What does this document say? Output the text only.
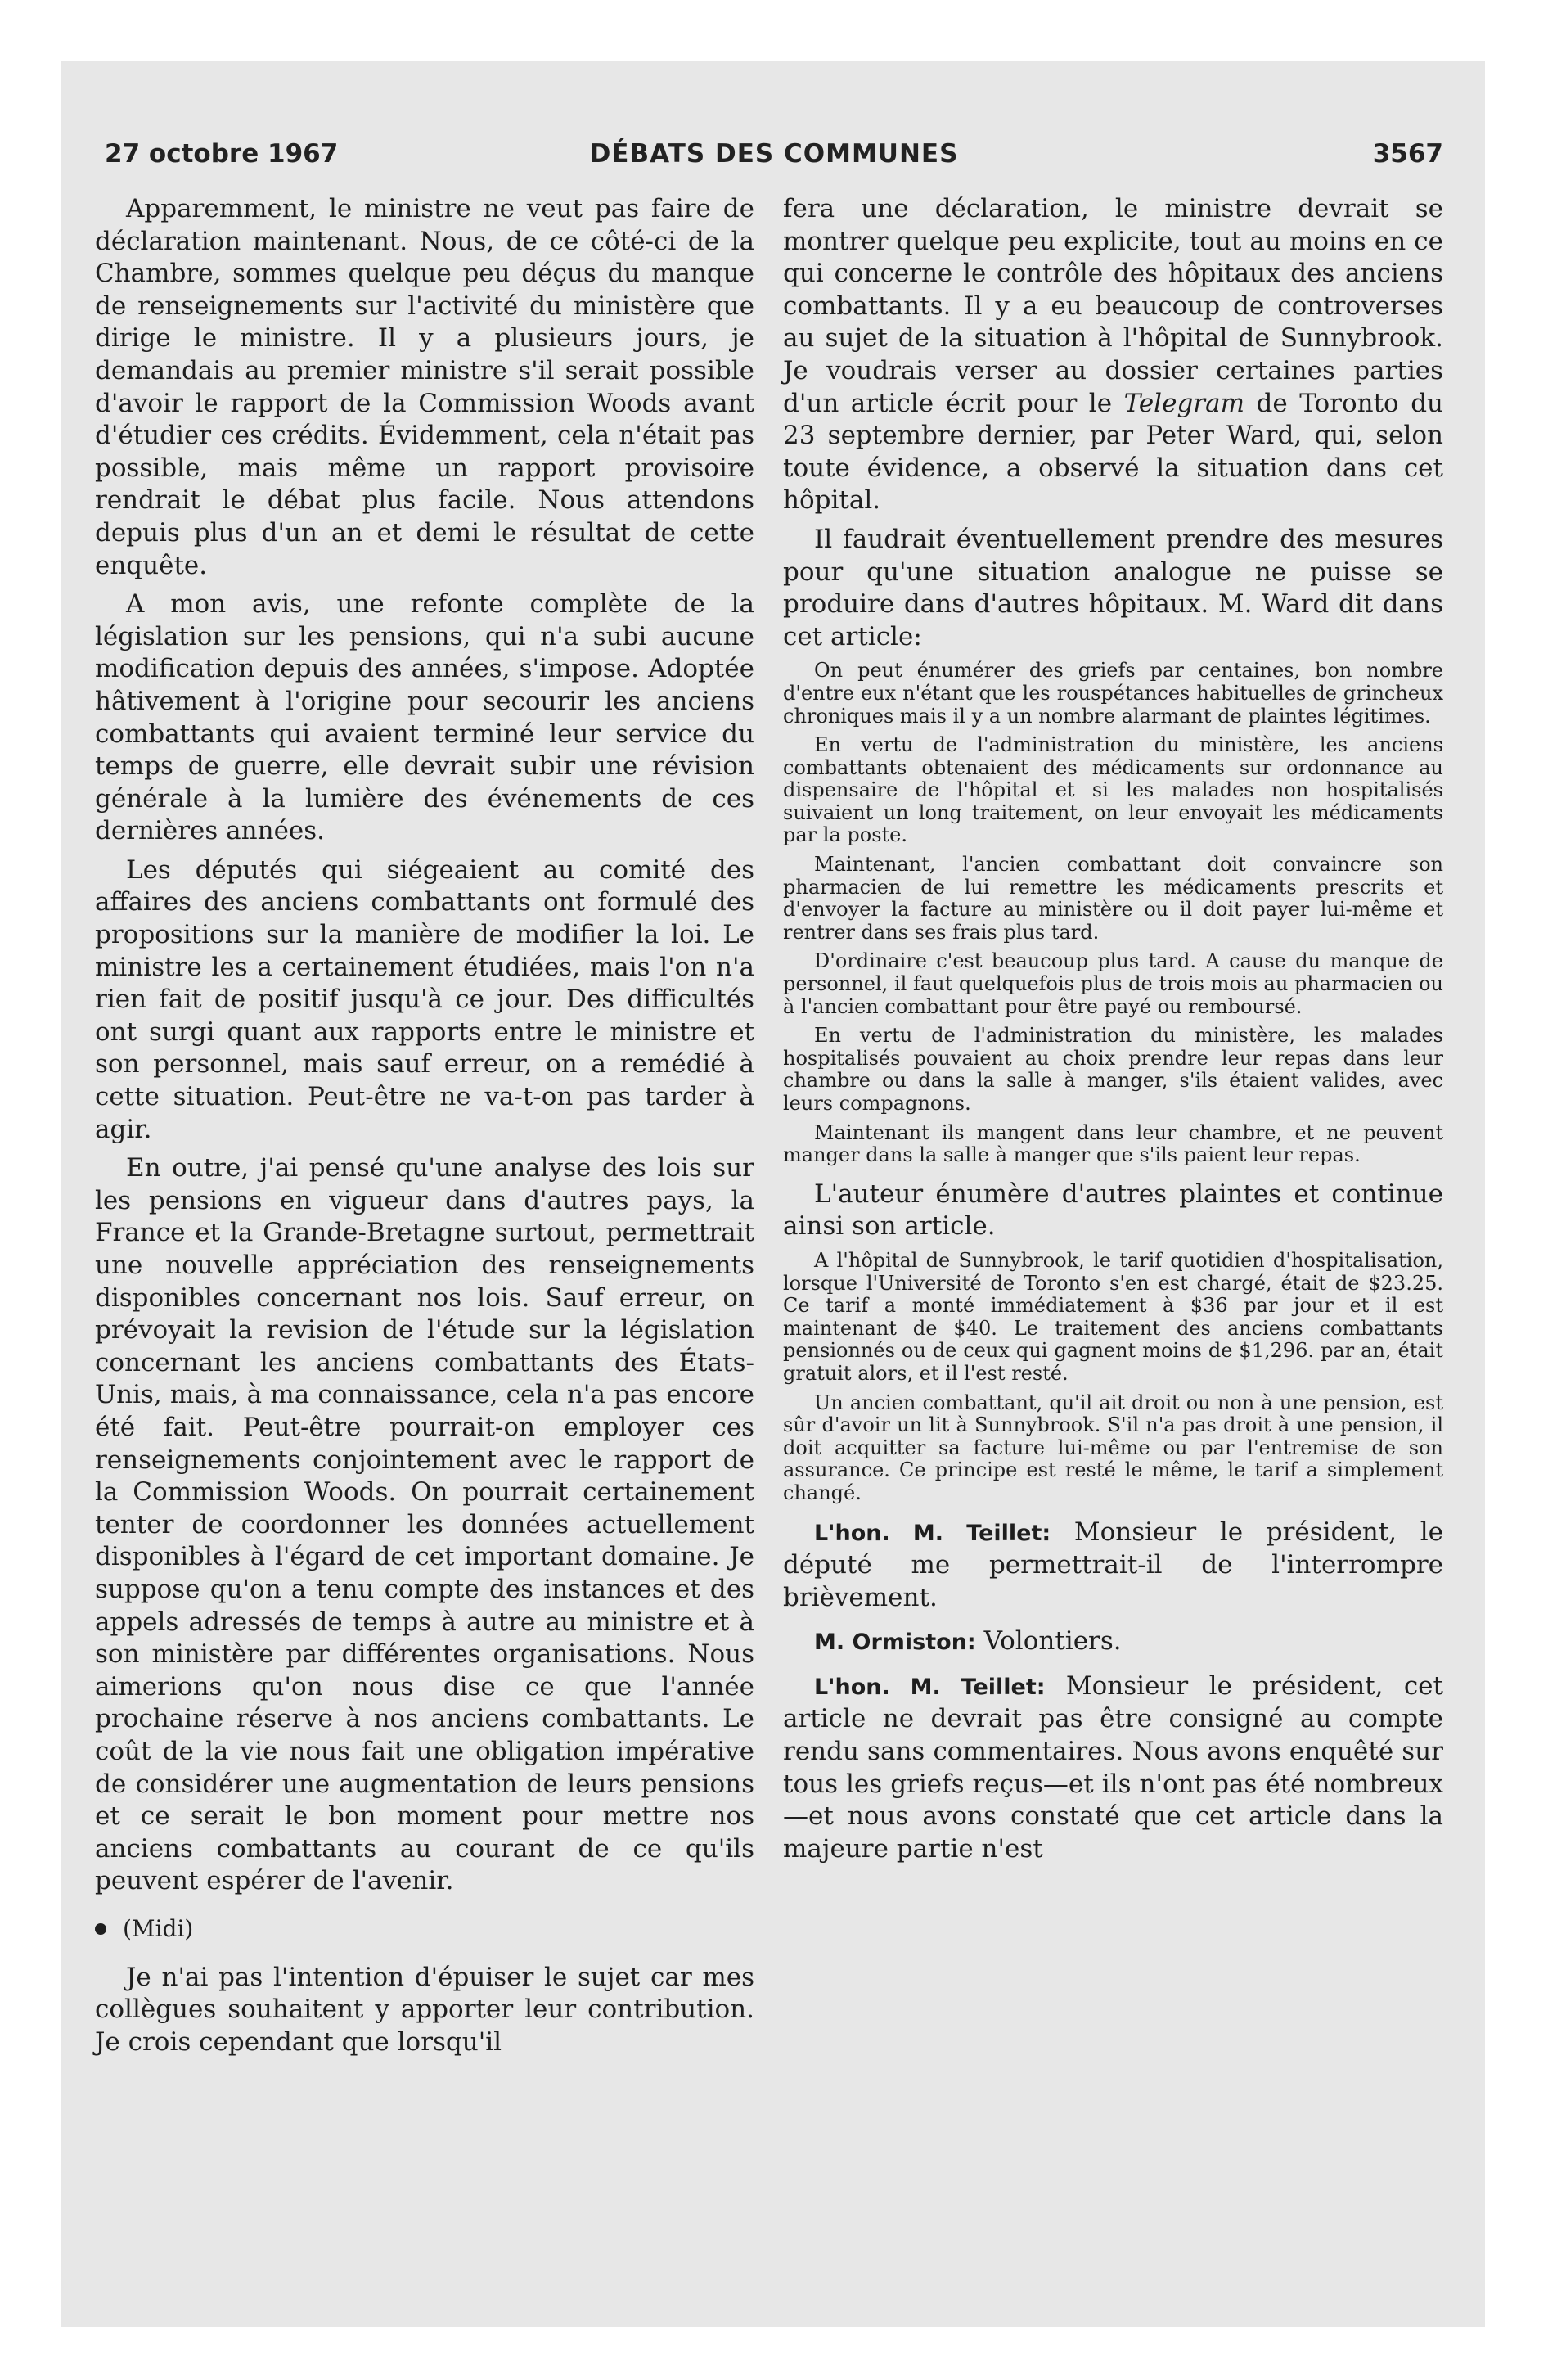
27 octobre 1967	DÉBATS DES COMMUNES	3567

Apparemment, le ministre ne veut pas faire de déclaration maintenant. Nous, de ce côté-ci de la Chambre, sommes quelque peu déçus du manque de renseignements sur l'activité du ministère que dirige le ministre. Il y a plusieurs jours, je demandais au premier ministre s'il serait possible d'avoir le rapport de la Commission Woods avant d'étudier ces crédits. Évidemment, cela n'était pas possible, mais même un rapport provisoire rendrait le débat plus facile. Nous attendons depuis plus d'un an et demi le résultat de cette enquête.

A mon avis, une refonte complète de la législation sur les pensions, qui n'a subi aucune modification depuis des années, s'impose. Adoptée hâtivement à l'origine pour secourir les anciens combattants qui avaient terminé leur service du temps de guerre, elle devrait subir une révision générale à la lumière des événements de ces dernières années.

Les députés qui siégeaient au comité des affaires des anciens combattants ont formulé des propositions sur la manière de modifier la loi. Le ministre les a certainement étudiées, mais l'on n'a rien fait de positif jusqu'à ce jour. Des difficultés ont surgi quant aux rapports entre le ministre et son personnel, mais sauf erreur, on a remédié à cette situation. Peut-être ne va-t-on pas tarder à agir.

En outre, j'ai pensé qu'une analyse des lois sur les pensions en vigueur dans d'autres pays, la France et la Grande-Bretagne surtout, permettrait une nouvelle appréciation des renseignements disponibles concernant nos lois. Sauf erreur, on prévoyait la revision de l'étude sur la législation concernant les anciens combattants des États-Unis, mais, à ma connaissance, cela n'a pas encore été fait. Peut-être pourrait-on employer ces renseignements conjointement avec le rapport de la Commission Woods. On pourrait certainement tenter de coordonner les données actuellement disponibles à l'égard de cet important domaine. Je suppose qu'on a tenu compte des instances et des appels adressés de temps à autre au ministre et à son ministère par différentes organisations. Nous aimerions qu'on nous dise ce que l'année prochaine réserve à nos anciens combattants. Le coût de la vie nous fait une obligation impérative de considérer une augmentation de leurs pensions et ce serait le bon moment pour mettre nos anciens combattants au courant de ce qu'ils peuvent espérer de l'avenir.

(Midi)

Je n'ai pas l'intention d'épuiser le sujet car mes collègues souhaitent y apporter leur contribution. Je crois cependant que lorsqu'il

fera une déclaration, le ministre devrait se montrer quelque peu explicite, tout au moins en ce qui concerne le contrôle des hôpitaux des anciens combattants. Il y a eu beaucoup de controverses au sujet de la situation à l'hôpital de Sunnybrook. Je voudrais verser au dossier certaines parties d'un article écrit pour le Telegram de Toronto du 23 septembre dernier, par Peter Ward, qui, selon toute évidence, a observé la situation dans cet hôpital.

Il faudrait éventuellement prendre des mesures pour qu'une situation analogue ne puisse se produire dans d'autres hôpitaux. M. Ward dit dans cet article:

On peut énumérer des griefs par centaines, bon nombre d'entre eux n'étant que les rouspétances habituelles de grincheux chroniques mais il y a un nombre alarmant de plaintes légitimes.

En vertu de l'administration du ministère, les anciens combattants obtenaient des médicaments sur ordonnance au dispensaire de l'hôpital et si les malades non hospitalisés suivaient un long traitement, on leur envoyait les médicaments par la poste.

Maintenant, l'ancien combattant doit convaincre son pharmacien de lui remettre les médicaments prescrits et d'envoyer la facture au ministère ou il doit payer lui-même et rentrer dans ses frais plus tard.

D'ordinaire c'est beaucoup plus tard. A cause du manque de personnel, il faut quelquefois plus de trois mois au pharmacien ou à l'ancien combattant pour être payé ou remboursé.

En vertu de l'administration du ministère, les malades hospitalisés pouvaient au choix prendre leur repas dans leur chambre ou dans la salle à manger, s'ils étaient valides, avec leurs compagnons.

Maintenant ils mangent dans leur chambre, et ne peuvent manger dans la salle à manger que s'ils paient leur repas.

L'auteur énumère d'autres plaintes et continue ainsi son article.

A l'hôpital de Sunnybrook, le tarif quotidien d'hospitalisation, lorsque l'Université de Toronto s'en est chargé, était de $23.25. Ce tarif a monté immédiatement à $36 par jour et il est maintenant de $40. Le traitement des anciens combattants pensionnés ou de ceux qui gagnent moins de $1,296. par an, était gratuit alors, et il l'est resté.

Un ancien combattant, qu'il ait droit ou non à une pension, est sûr d'avoir un lit à Sunnybrook. S'il n'a pas droit à une pension, il doit acquitter sa facture lui-même ou par l'entremise de son assurance. Ce principe est resté le même, le tarif a simplement changé.

L'hon. M. Teillet: Monsieur le président, le député me permettrait-il de l'interrompre brièvement.

M. Ormiston: Volontiers.

L'hon. M. Teillet: Monsieur le président, cet article ne devrait pas être consigné au compte rendu sans commentaires. Nous avons enquêté sur tous les griefs reçus—et ils n'ont pas été nombreux—et nous avons constaté que cet article dans la majeure partie n'est
